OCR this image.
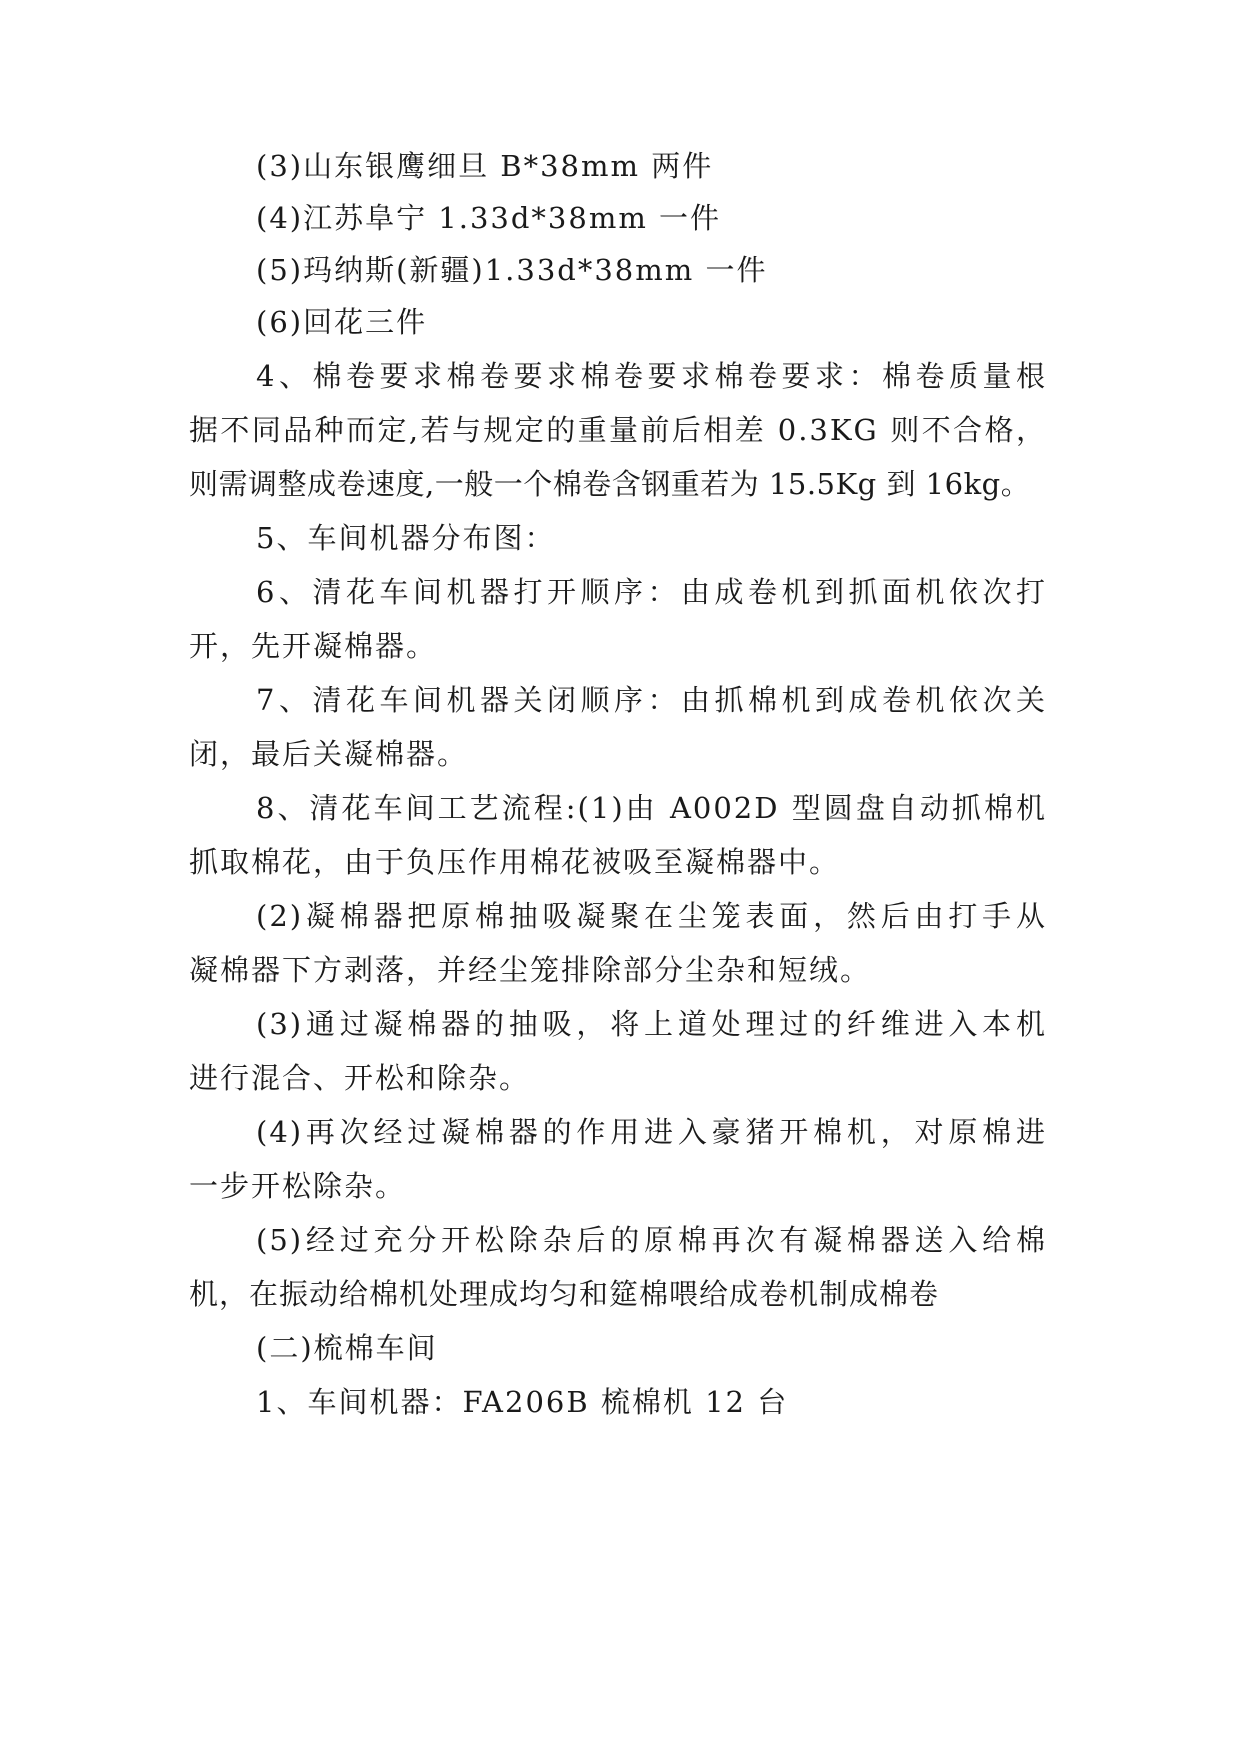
(3)山东银鹰细旦 B*38mm 两件

(4)江苏阜宁 1.33d*38mm 一件

(5)玛纳斯(新疆)1.33d*38mm 一件

(6)回花三件

4、棉卷要求棉卷要求棉卷要求棉卷要求：棉卷质量根

据不同品种而定,若与规定的重量前后相差 0.3KG 则不合格，

则需调整成卷速度,一般一个棉卷含钢重若为 15.5Kg 到 16kg。

5、车间机器分布图：

6、清花车间机器打开顺序：由成卷机到抓面机依次打

开，先开凝棉器。

7、清花车间机器关闭顺序：由抓棉机到成卷机依次关

闭，最后关凝棉器。

8、清花车间工艺流程:(1)由 A002D 型圆盘自动抓棉机

抓取棉花，由于负压作用棉花被吸至凝棉器中。

(2)凝棉器把原棉抽吸凝聚在尘笼表面，然后由打手从

凝棉器下方剥落，并经尘笼排除部分尘杂和短绒。

(3)通过凝棉器的抽吸，将上道处理过的纤维进入本机

进行混合、开松和除杂。

(4)再次经过凝棉器的作用进入豪猪开棉机，对原棉进

一步开松除杂。

(5)经过充分开松除杂后的原棉再次有凝棉器送入给棉

机，在振动给棉机处理成均匀和筵棉喂给成卷机制成棉卷

(二)梳棉车间

1、车间机器：FA206B 梳棉机 12 台
